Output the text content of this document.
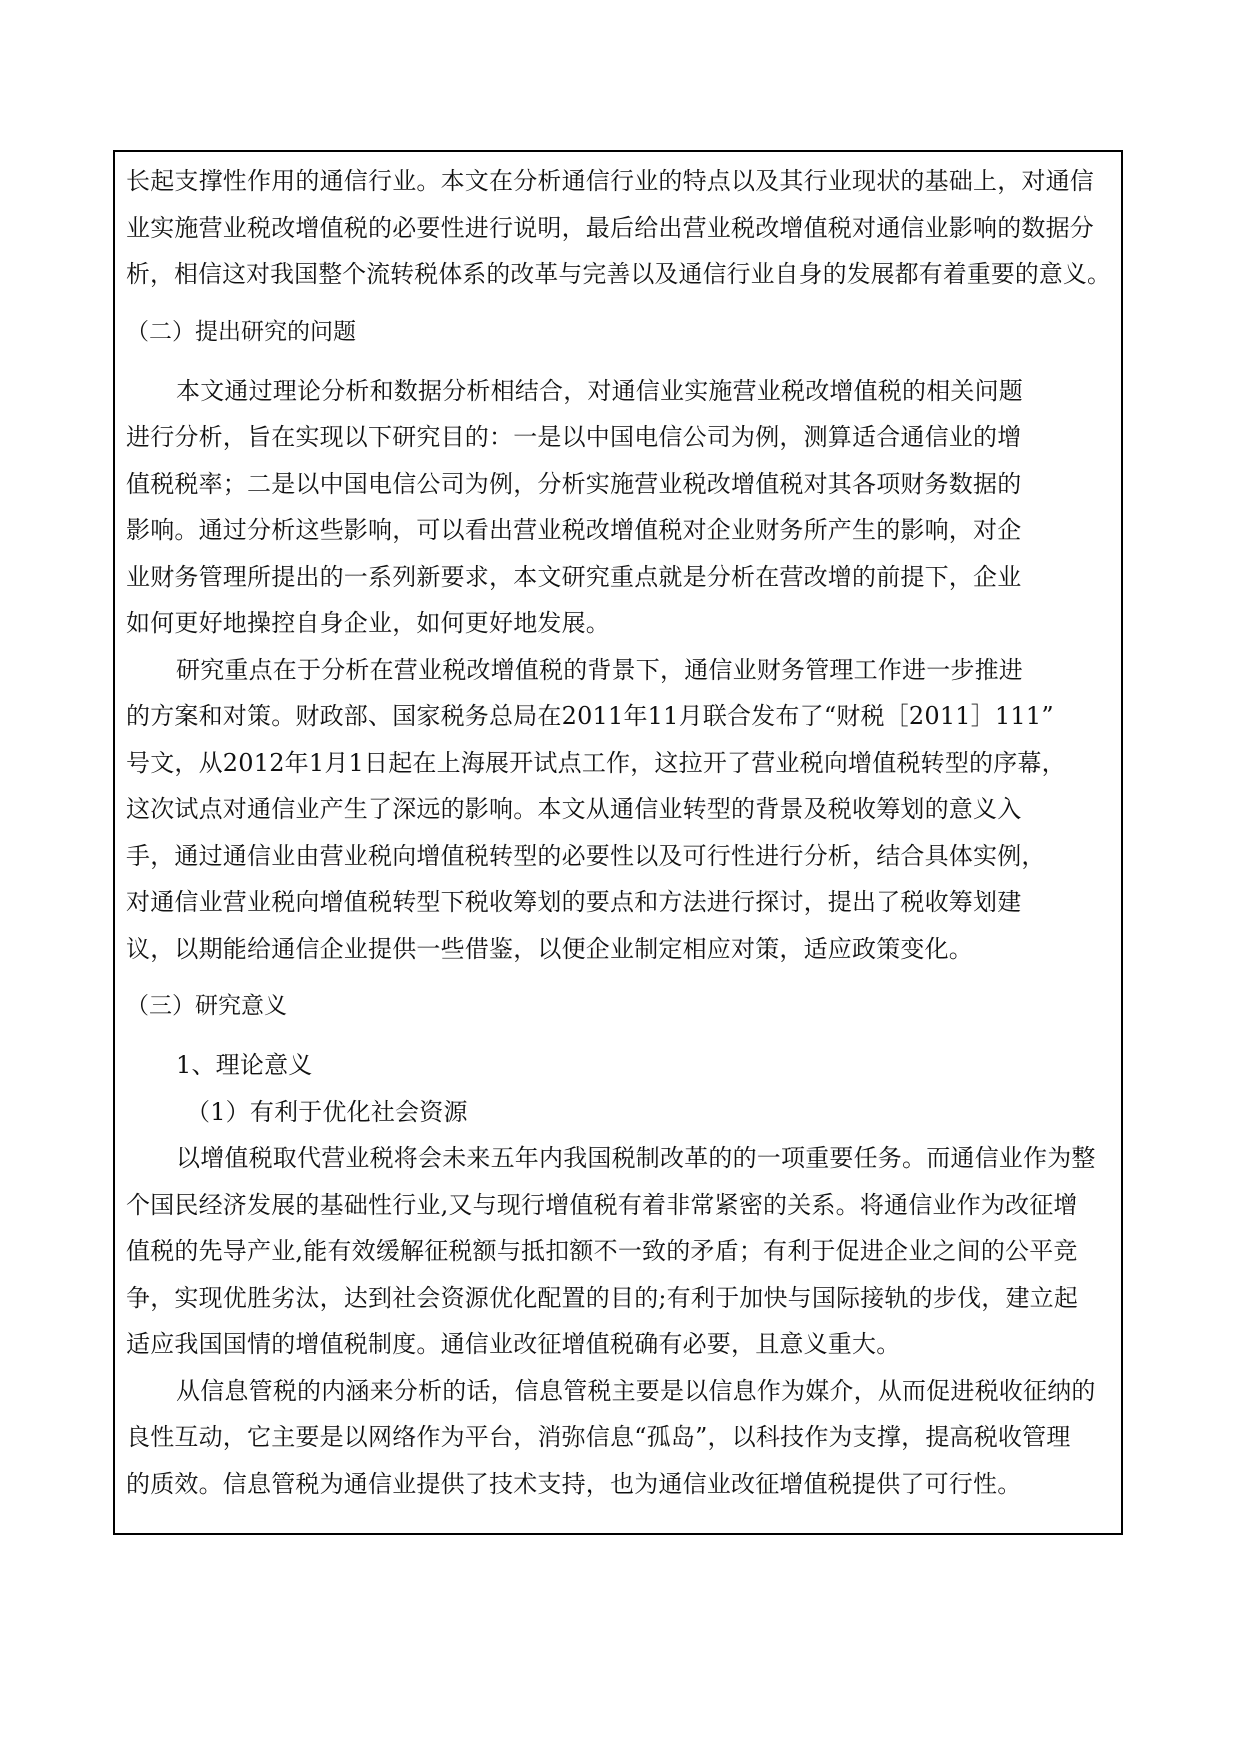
长起支撑性作用的通信行业。本文在分析通信行业的特点以及其行业现状的基础上，对通信

业实施营业税改增值税的必要性进行说明，最后给出营业税改增值税对通信业影响的数据分

析，相信这对我国整个流转税体系的改革与完善以及通信行业自身的发展都有着重要的意义。

（二）提出研究的问题

本文通过理论分析和数据分析相结合，对通信业实施营业税改增值税的相关问题

进行分析，旨在实现以下研究目的：一是以中国电信公司为例，测算适合通信业的增

值税税率；二是以中国电信公司为例，分析实施营业税改增值税对其各项财务数据的

影响。通过分析这些影响，可以看出营业税改增值税对企业财务所产生的影响，对企

业财务管理所提出的一系列新要求，本文研究重点就是分析在营改增的前提下，企业

如何更好地操控自身企业，如何更好地发展。

研究重点在于分析在营业税改增值税的背景下，通信业财务管理工作进一步推进

的方案和对策。财政部、国家税务总局在2011年11月联合发布了“财税［2011］111”

号文，从2012年1月1日起在上海展开试点工作，这拉开了营业税向增值税转型的序幕，

这次试点对通信业产生了深远的影响。本文从通信业转型的背景及税收筹划的意义入

手，通过通信业由营业税向增值税转型的必要性以及可行性进行分析，结合具体实例，

对通信业营业税向增值税转型下税收筹划的要点和方法进行探讨，提出了税收筹划建

议，以期能给通信企业提供一些借鉴，以便企业制定相应对策，适应政策变化。

（三）研究意义

1、理论意义

（1）有利于优化社会资源

以增值税取代营业税将会未来五年内我国税制改革的的一项重要任务。而通信业作为整

个国民经济发展的基础性行业,又与现行增值税有着非常紧密的关系。将通信业作为改征增

值税的先导产业,能有效缓解征税额与抵扣额不一致的矛盾；有利于促进企业之间的公平竞

争，实现优胜劣汰，达到社会资源优化配置的目的;有利于加快与国际接轨的步伐，建立起

适应我国国情的增值税制度。通信业改征增值税确有必要，且意义重大。

从信息管税的内涵来分析的话，信息管税主要是以信息作为媒介，从而促进税收征纳的

良性互动，它主要是以网络作为平台，消弥信息“孤岛”，以科技作为支撑，提高税收管理

的质效。信息管税为通信业提供了技术支持，也为通信业改征增值税提供了可行性。
